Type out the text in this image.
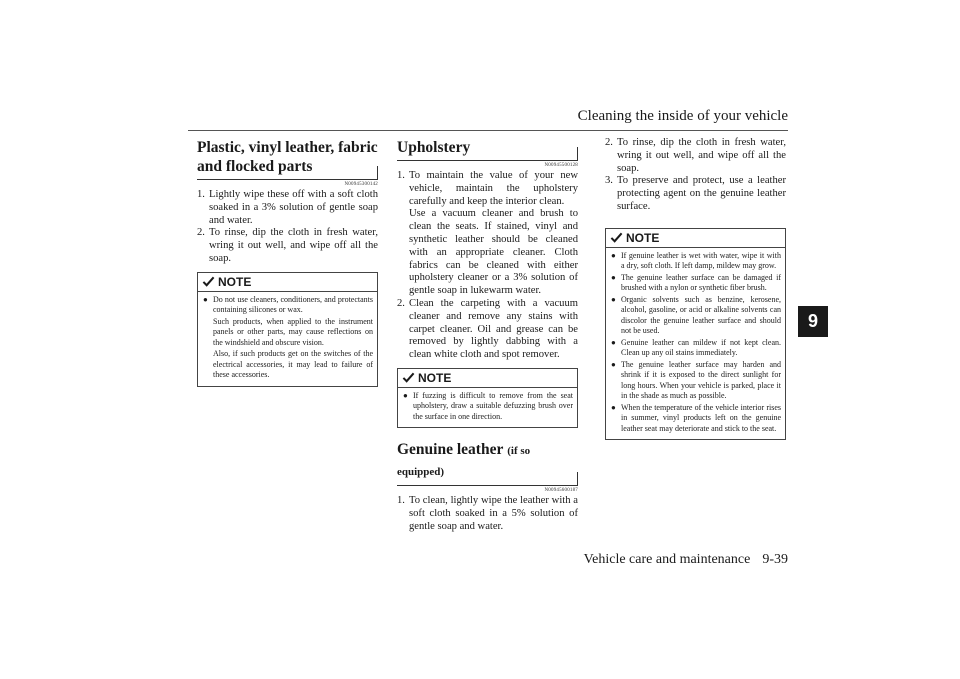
Cleaning the inside of your vehicle
9
Plastic, vinyl leather, fabric and flocked parts
N00945300142
1. Lightly wipe these off with a soft cloth soaked in a 3% solution of gentle soap and water.
2. To rinse, dip the cloth in fresh water, wring it out well, and wipe off all the soap.
NOTE
● Do not use cleaners, conditioners, and protectants containing silicones or wax.
Such products, when applied to the instrument panels or other parts, may cause reflections on the windshield and obscure vision.
Also, if such products get on the switches of the electrical accessories, it may lead to failure of these accessories.
Upholstery
N00945500128
1. To maintain the value of your new vehicle, maintain the upholstery carefully and keep the interior clean.
Use a vacuum cleaner and brush to clean the seats. If stained, vinyl and synthetic leather should be cleaned with an appropriate cleaner. Cloth fabrics can be cleaned with either upholstery cleaner or a 3% solution of gentle soap in lukewarm water.
2. Clean the carpeting with a vacuum cleaner and remove any stains with carpet cleaner. Oil and grease can be removed by lightly dabbing with a clean white cloth and spot remover.
NOTE
● If fuzzing is difficult to remove from the seat upholstery, draw a suitable defuzzing brush over the surface in one direction.
Genuine leather (if so equipped)
N00945600187
1. To clean, lightly wipe the leather with a soft cloth soaked in a 5% solution of gentle soap and water.
2. To rinse, dip the cloth in fresh water, wring it out well, and wipe off all the soap.
3. To preserve and protect, use a leather protecting agent on the genuine leather surface.
NOTE
● If genuine leather is wet with water, wipe it with a dry, soft cloth. If left damp, mildew may grow.
● The genuine leather surface can be damaged if brushed with a nylon or synthetic fiber brush.
● Organic solvents such as benzine, kerosene, alcohol, gasoline, or acid or alkaline solvents can discolor the genuine leather surface and should not be used.
● Genuine leather can mildew if not kept clean. Clean up any oil stains immediately.
● The genuine leather surface may harden and shrink if it is exposed to the direct sunlight for long hours. When your vehicle is parked, place it in the shade as much as possible.
● When the temperature of the vehicle interior rises in summer, vinyl products left on the genuine leather seat may deteriorate and stick to the seat.
Vehicle care and maintenance 9-39
